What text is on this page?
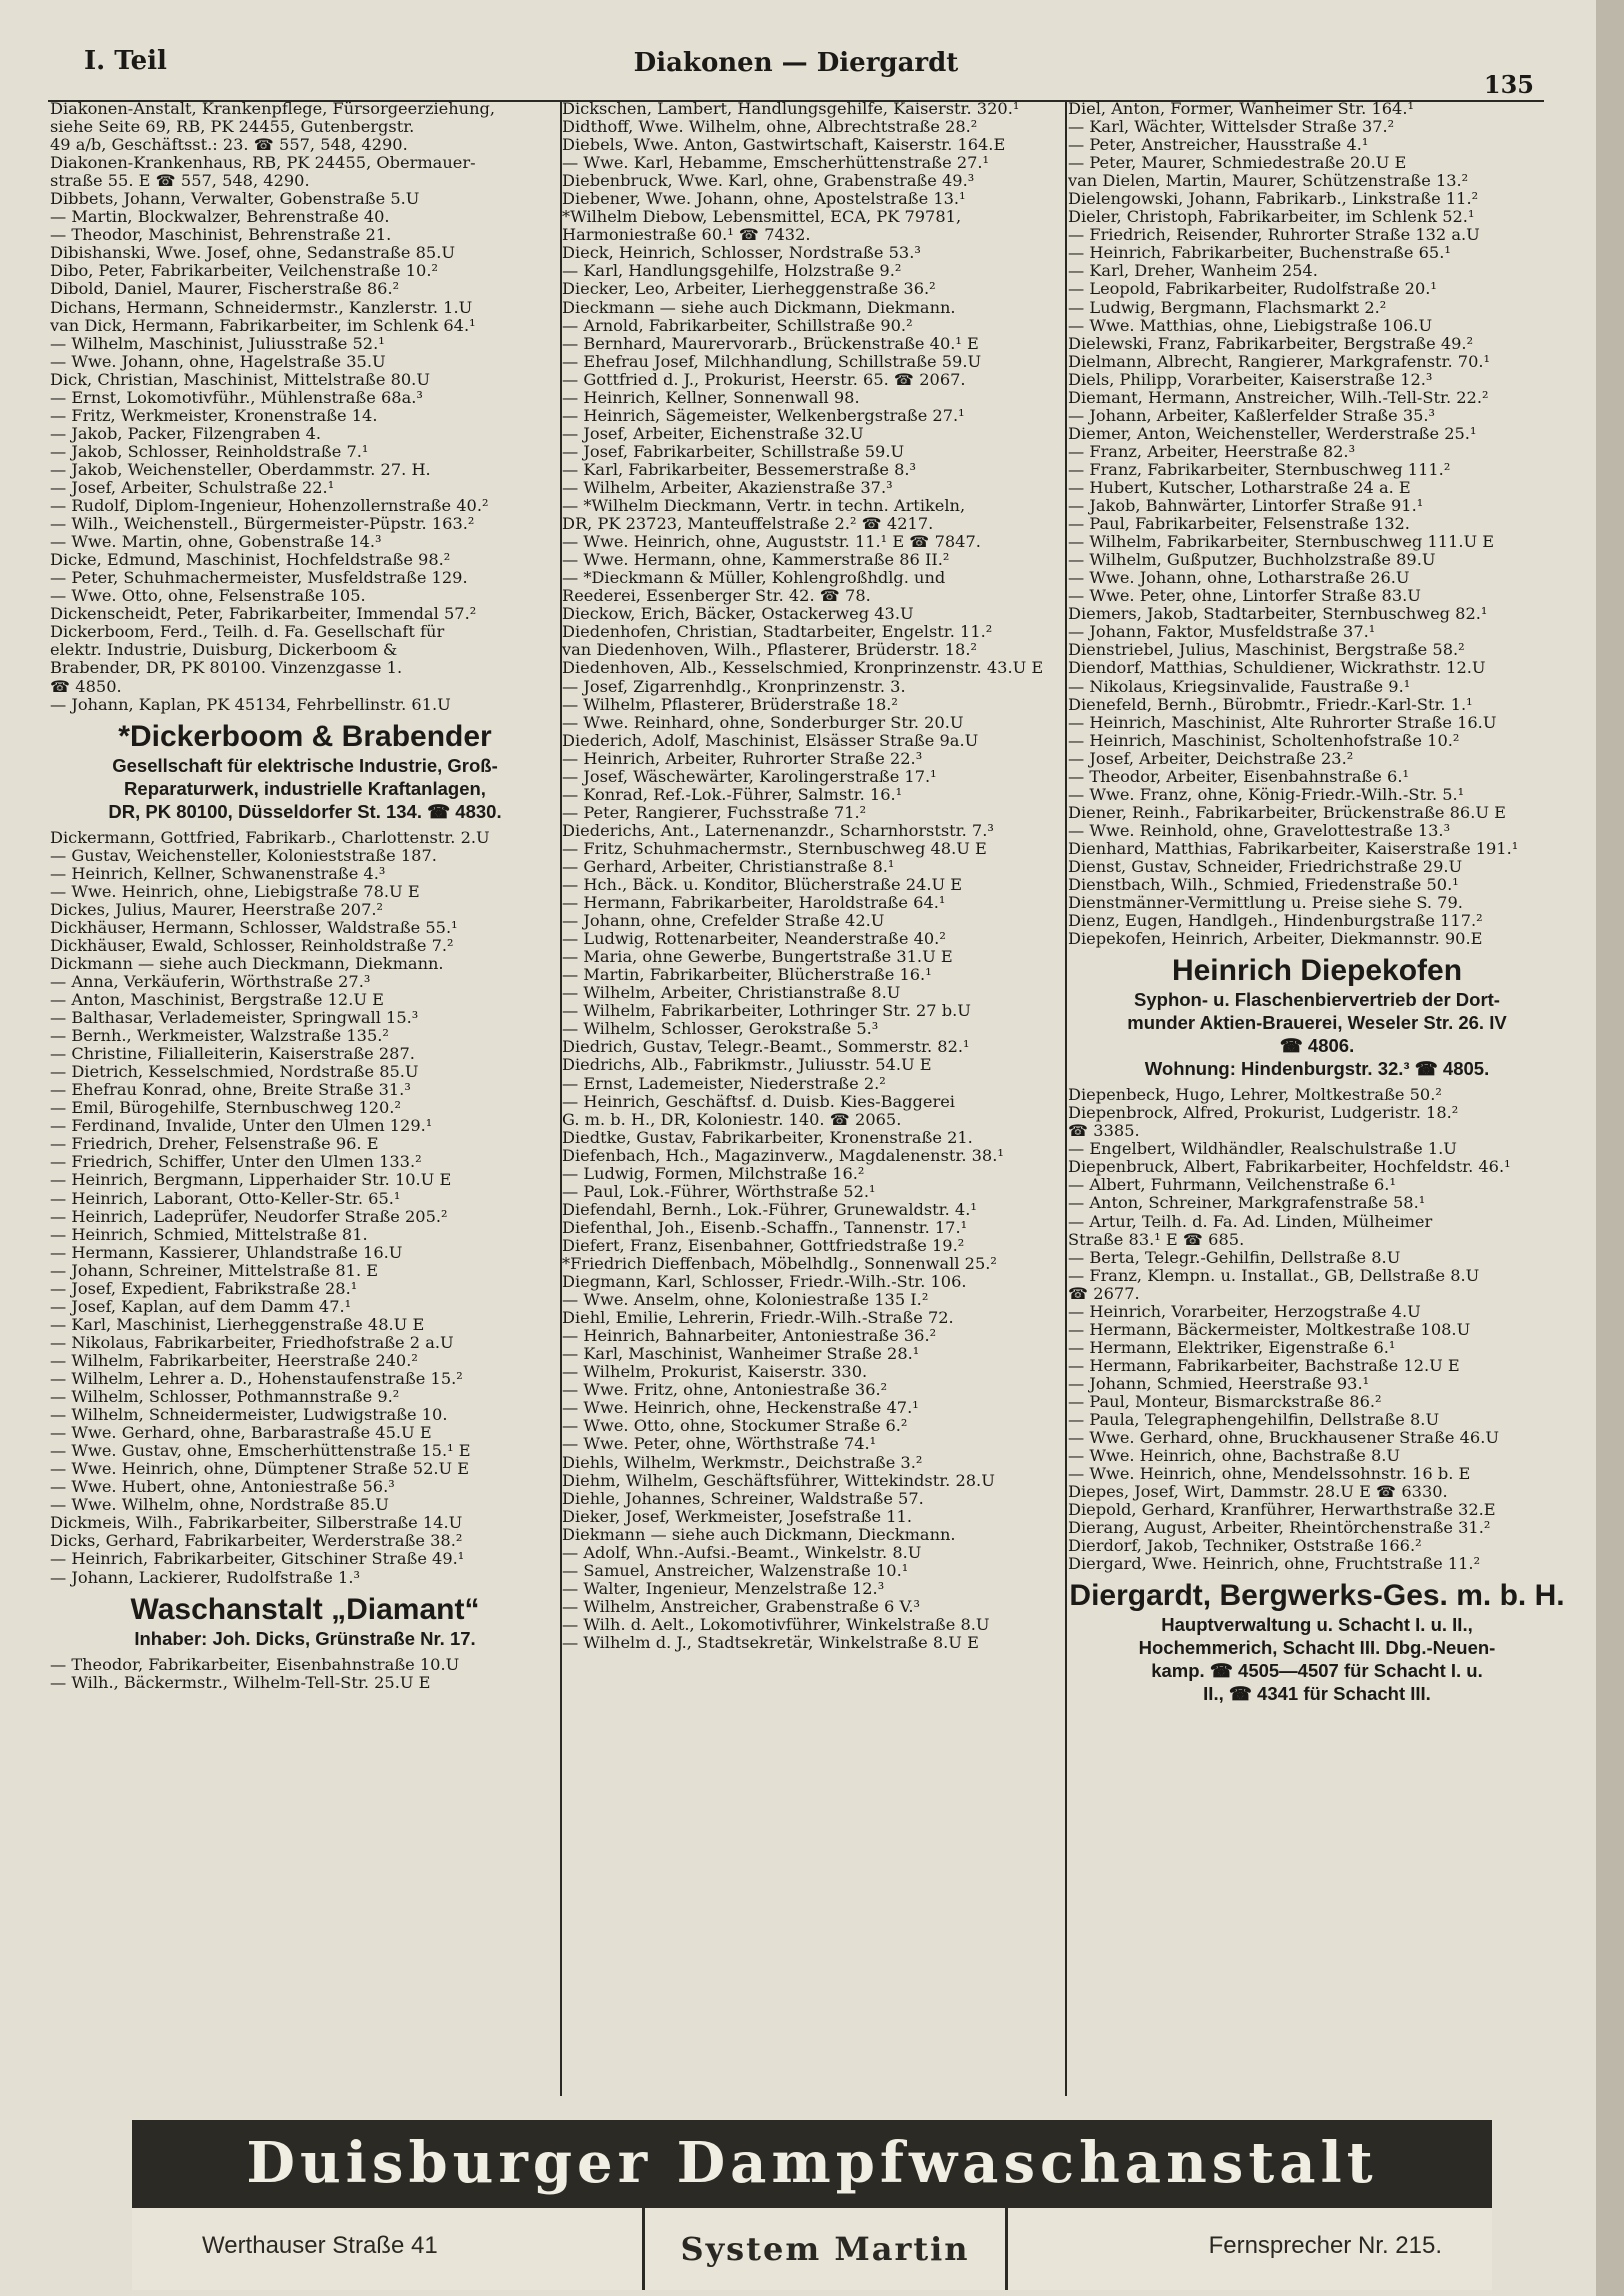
I. Teil	Diakonen — Diergardt
135
Diakonen-Anstalt, Krankenpflege, Fürsorgeerziehung,
siehe Seite 69, RB, PK 24455, Gutenbergstr.
49 a/b, Geschäftsst.: 23. ☎ 557, 548, 4290.
Diakonen-Krankenhaus, RB, PK 24455, Obermauer-
straße 55. E ☎ 557, 548, 4290.
Dibbets, Johann, Verwalter, Gobenstraße 5.U
— Martin, Blockwalzer, Behrenstraße 40.
— Theodor, Maschinist, Behrenstraße 21.
Dibishanski, Wwe. Josef, ohne, Sedanstraße 85.U
Dibo, Peter, Fabrikarbeiter, Veilchenstraße 10.²
Dibold, Daniel, Maurer, Fischerstraße 86.²
Dichans, Hermann, Schneidermstr., Kanzlerstr. 1.U
van Dick, Hermann, Fabrikarbeiter, im Schlenk 64.¹
— Wilhelm, Maschinist, Juliusstraße 52.¹
— Wwe. Johann, ohne, Hagelstraße 35.U
Dick, Christian, Maschinist, Mittelstraße 80.U
— Ernst, Lokomotivführ., Mühlenstraße 68a.³
— Fritz, Werkmeister, Kronenstraße 14.
— Jakob, Packer, Filzengraben 4.
— Jakob, Schlosser, Reinholdstraße 7.¹
— Jakob, Weichensteller, Oberdammstr. 27. H.
— Josef, Arbeiter, Schulstraße 22.¹
— Rudolf, Diplom-Ingenieur, Hohenzollernstraße 40.²
— Wilh., Weichenstell., Bürgermeister-Püpstr. 163.²
— Wwe. Martin, ohne, Gobenstraße 14.³
Dicke, Edmund, Maschinist, Hochfeldstraße 98.²
— Peter, Schuhmachermeister, Musfeldstraße 129.
— Wwe. Otto, ohne, Felsenstraße 105.
Dickenscheidt, Peter, Fabrikarbeiter, Immendal 57.²
Dickerboom, Ferd., Teilh. d. Fa. Gesellschaft für
elektr. Industrie, Duisburg, Dickerboom &
Brabender, DR, PK 80100. Vinzenzgasse 1.
☎ 4850.
— Johann, Kaplan, PK 45134, Fehrbellinstr. 61.U
*Dickerboom & Brabender
Gesellschaft für elektrische Industrie, Groß-
Reparaturwerk, industrielle Kraftanlagen,
DR, PK 80100, Düsseldorfer St. 134. ☎ 4830.
Dickermann, Gottfried, Fabrikarb., Charlottenstr. 2.U
— Gustav, Weichensteller, Kolonieststraße 187.
— Heinrich, Kellner, Schwanenstraße 4.³
— Wwe. Heinrich, ohne, Liebigstraße 78.U E
Dickes, Julius, Maurer, Heerstraße 207.²
Dickhäuser, Hermann, Schlosser, Waldstraße 55.¹
Dickhäuser, Ewald, Schlosser, Reinholdstraße 7.²
Dickmann — siehe auch Dieckmann, Diekmann.
— Anna, Verkäuferin, Wörthstraße 27.³
— Anton, Maschinist, Bergstraße 12.U E
— Balthasar, Verlademeister, Springwall 15.³
— Bernh., Werkmeister, Walzstraße 135.²
— Christine, Filialleiterin, Kaiserstraße 287.
— Dietrich, Kesselschmied, Nordstraße 85.U
— Ehefrau Konrad, ohne, Breite Straße 31.³
— Emil, Bürogehilfe, Sternbuschweg 120.²
— Ferdinand, Invalide, Unter den Ulmen 129.¹
— Friedrich, Dreher, Felsenstraße 96. E
— Friedrich, Schiffer, Unter den Ulmen 133.²
— Heinrich, Bergmann, Lipperhaider Str. 10.U E
— Heinrich, Laborant, Otto-Keller-Str. 65.¹
— Heinrich, Ladeprüfer, Neudorfer Straße 205.²
— Heinrich, Schmied, Mittelstraße 81.
— Hermann, Kassierer, Uhlandstraße 16.U
— Johann, Schreiner, Mittelstraße 81. E
— Josef, Expedient, Fabrikstraße 28.¹
— Josef, Kaplan, auf dem Damm 47.¹
— Karl, Maschinist, Lierheggenstraße 48.U E
— Nikolaus, Fabrikarbeiter, Friedhofstraße 2 a.U
— Wilhelm, Fabrikarbeiter, Heerstraße 240.²
— Wilhelm, Lehrer a. D., Hohenstaufenstraße 15.²
— Wilhelm, Schlosser, Pothmannstraße 9.²
— Wilhelm, Schneidermeister, Ludwigstraße 10.
— Wwe. Gerhard, ohne, Barbarastraße 45.U E
— Wwe. Gustav, ohne, Emscherhüttenstraße 15.¹ E
— Wwe. Heinrich, ohne, Dümptener Straße 52.U E
— Wwe. Hubert, ohne, Antoniestraße 56.³
— Wwe. Wilhelm, ohne, Nordstraße 85.U
Dickmeis, Wilh., Fabrikarbeiter, Silberstraße 14.U
Dicks, Gerhard, Fabrikarbeiter, Werderstraße 38.²
— Heinrich, Fabrikarbeiter, Gitschiner Straße 49.¹
— Johann, Lackierer, Rudolfstraße 1.³
Waschanstalt „Diamant“
Inhaber: Joh. Dicks, Grünstraße Nr. 17.
— Theodor, Fabrikarbeiter, Eisenbahnstraße 10.U
— Wilh., Bäckermstr., Wilhelm-Tell-Str. 25.U E
Dickschen, Lambert, Handlungsgehilfe, Kaiserstr. 320.¹
Didthoff, Wwe. Wilhelm, ohne, Albrechtstraße 28.²
Diebels, Wwe. Anton, Gastwirtschaft, Kaiserstr. 164.E
— Wwe. Karl, Hebamme, Emscherhüttenstraße 27.¹
Diebenbruck, Wwe. Karl, ohne, Grabenstraße 49.³
Diebener, Wwe. Johann, ohne, Apostelstraße 13.¹
*Wilhelm Diebow, Lebensmittel, ECA, PK 79781,
Harmoniestraße 60.¹ ☎ 7432.
Dieck, Heinrich, Schlosser, Nordstraße 53.³
— Karl, Handlungsgehilfe, Holzstraße 9.²
Diecker, Leo, Arbeiter, Lierheggenstraße 36.²
Dieckmann — siehe auch Dickmann, Diekmann.
— Arnold, Fabrikarbeiter, Schillstraße 90.²
— Bernhard, Maurervorarb., Brückenstraße 40.¹ E
— Ehefrau Josef, Milchhandlung, Schillstraße 59.U
— Gottfried d. J., Prokurist, Heerstr. 65. ☎ 2067.
— Heinrich, Kellner, Sonnenwall 98.
— Heinrich, Sägemeister, Welkenbergstraße 27.¹
— Josef, Arbeiter, Eichenstraße 32.U
— Josef, Fabrikarbeiter, Schillstraße 59.U
— Karl, Fabrikarbeiter, Bessemerstraße 8.³
— Wilhelm, Arbeiter, Akazienstraße 37.³
— *Wilhelm Dieckmann, Vertr. in techn. Artikeln,
DR, PK 23723, Manteuffelstraße 2.² ☎ 4217.
— Wwe. Heinrich, ohne, Auguststr. 11.¹ E ☎ 7847.
— Wwe. Hermann, ohne, Kammerstraße 86 II.²
— *Dieckmann & Müller, Kohlengroßhdlg. und
Reederei, Essenberger Str. 42. ☎ 78.
Dieckow, Erich, Bäcker, Ostackerweg 43.U
Diedenhofen, Christian, Stadtarbeiter, Engelstr. 11.²
van Diedenhoven, Wilh., Pflasterer, Brüderstr. 18.²
Diedenhoven, Alb., Kesselschmied, Kronprinzenstr. 43.U E
— Josef, Zigarrenhdlg., Kronprinzenstr. 3.
— Wilhelm, Pflasterer, Brüderstraße 18.²
— Wwe. Reinhard, ohne, Sonderburger Str. 20.U
Diederich, Adolf, Maschinist, Elsässer Straße 9a.U
— Heinrich, Arbeiter, Ruhrorter Straße 22.³
— Josef, Wäschewärter, Karolingerstraße 17.¹
— Konrad, Ref.-Lok.-Führer, Salmstr. 16.¹
— Peter, Rangierer, Fuchsstraße 71.²
Diederichs, Ant., Laternenanzdr., Scharnhorststr. 7.³
— Fritz, Schuhmachermstr., Sternbuschweg 48.U E
— Gerhard, Arbeiter, Christianstraße 8.¹
— Hch., Bäck. u. Konditor, Blücherstraße 24.U E
— Hermann, Fabrikarbeiter, Haroldstraße 64.¹
— Johann, ohne, Crefelder Straße 42.U
— Ludwig, Rottenarbeiter, Neanderstraße 40.²
— Maria, ohne Gewerbe, Bungertstraße 31.U E
— Martin, Fabrikarbeiter, Blücherstraße 16.¹
— Wilhelm, Arbeiter, Christianstraße 8.U
— Wilhelm, Fabrikarbeiter, Lothringer Str. 27 b.U
— Wilhelm, Schlosser, Gerokstraße 5.³
Diedrich, Gustav, Telegr.-Beamt., Sommerstr. 82.¹
Diedrichs, Alb., Fabrikmstr., Juliusstr. 54.U E
— Ernst, Lademeister, Niederstraße 2.²
— Heinrich, Geschäftsf. d. Duisb. Kies-Baggerei
G. m. b. H., DR, Koloniestr. 140. ☎ 2065.
Diedtke, Gustav, Fabrikarbeiter, Kronenstraße 21.
Diefenbach, Hch., Magazinverw., Magdalenenstr. 38.¹
— Ludwig, Formen, Milchstraße 16.²
— Paul, Lok.-Führer, Wörthstraße 52.¹
Diefendahl, Bernh., Lok.-Führer, Grunewaldstr. 4.¹
Diefenthal, Joh., Eisenb.-Schaffn., Tannenstr. 17.¹
Diefert, Franz, Eisenbahner, Gottfriedstraße 19.²
*Friedrich Dieffenbach, Möbelhdlg., Sonnenwall 25.²
Diegmann, Karl, Schlosser, Friedr.-Wilh.-Str. 106.
— Wwe. Anselm, ohne, Koloniestraße 135 I.²
Diehl, Emilie, Lehrerin, Friedr.-Wilh.-Straße 72.
— Heinrich, Bahnarbeiter, Antoniestraße 36.²
— Karl, Maschinist, Wanheimer Straße 28.¹
— Wilhelm, Prokurist, Kaiserstr. 330.
— Wwe. Fritz, ohne, Antoniestraße 36.²
— Wwe. Heinrich, ohne, Heckenstraße 47.¹
— Wwe. Otto, ohne, Stockumer Straße 6.²
— Wwe. Peter, ohne, Wörthstraße 74.¹
Diehls, Wilhelm, Werkmstr., Deichstraße 3.²
Diehm, Wilhelm, Geschäftsführer, Wittekindstr. 28.U
Diehle, Johannes, Schreiner, Waldstraße 57.
Dieker, Josef, Werkmeister, Josefstraße 11.
Diekmann — siehe auch Dickmann, Dieckmann.
— Adolf, Whn.-Aufsi.-Beamt., Winkelstr. 8.U
— Samuel, Anstreicher, Walzenstraße 10.¹
— Walter, Ingenieur, Menzelstraße 12.³
— Wilhelm, Anstreicher, Grabenstraße 6 V.³
— Wilh. d. Aelt., Lokomotivführer, Winkelstraße 8.U
— Wilhelm d. J., Stadtsekretär, Winkelstraße 8.U E
Diel, Anton, Former, Wanheimer Str. 164.¹
— Karl, Wächter, Wittelsder Straße 37.²
— Peter, Anstreicher, Hausstraße 4.¹
— Peter, Maurer, Schmiedestraße 20.U E
van Dielen, Martin, Maurer, Schützenstraße 13.²
Dielengowski, Johann, Fabrikarb., Linkstraße 11.²
Dieler, Christoph, Fabrikarbeiter, im Schlenk 52.¹
— Friedrich, Reisender, Ruhrorter Straße 132 a.U
— Heinrich, Fabrikarbeiter, Buchenstraße 65.¹
— Karl, Dreher, Wanheim 254.
— Leopold, Fabrikarbeiter, Rudolfstraße 20.¹
— Ludwig, Bergmann, Flachsmarkt 2.²
— Wwe. Matthias, ohne, Liebigstraße 106.U
Dielewski, Franz, Fabrikarbeiter, Bergstraße 49.²
Dielmann, Albrecht, Rangierer, Markgrafenstr. 70.¹
Diels, Philipp, Vorarbeiter, Kaiserstraße 12.³
Diemant, Hermann, Anstreicher, Wilh.-Tell-Str. 22.²
— Johann, Arbeiter, Kaßlerfelder Straße 35.³
Diemer, Anton, Weichensteller, Werderstraße 25.¹
— Franz, Arbeiter, Heerstraße 82.³
— Franz, Fabrikarbeiter, Sternbuschweg 111.²
— Hubert, Kutscher, Lotharstraße 24 a. E
— Jakob, Bahnwärter, Lintorfer Straße 91.¹
— Paul, Fabrikarbeiter, Felsenstraße 132.
— Wilhelm, Fabrikarbeiter, Sternbuschweg 111.U E
— Wilhelm, Gußputzer, Buchholzstraße 89.U
— Wwe. Johann, ohne, Lotharstraße 26.U
— Wwe. Peter, ohne, Lintorfer Straße 83.U
Diemers, Jakob, Stadtarbeiter, Sternbuschweg 82.¹
— Johann, Faktor, Musfeldstraße 37.¹
Dienstriebel, Julius, Maschinist, Bergstraße 58.²
Diendorf, Matthias, Schuldiener, Wickrathstr. 12.U
— Nikolaus, Kriegsinvalide, Faustraße 9.¹
Dienefeld, Bernh., Bürobmtr., Friedr.-Karl-Str. 1.¹
— Heinrich, Maschinist, Alte Ruhrorter Straße 16.U
— Heinrich, Maschinist, Scholtenhofstraße 10.²
— Josef, Arbeiter, Deichstraße 23.²
— Theodor, Arbeiter, Eisenbahnstraße 6.¹
— Wwe. Franz, ohne, König-Friedr.-Wilh.-Str. 5.¹
Diener, Reinh., Fabrikarbeiter, Brückenstraße 86.U E
— Wwe. Reinhold, ohne, Gravelottestraße 13.³
Dienhard, Matthias, Fabrikarbeiter, Kaiserstraße 191.¹
Dienst, Gustav, Schneider, Friedrichstraße 29.U
Dienstbach, Wilh., Schmied, Friedenstraße 50.¹
Dienstmänner-Vermittlung u. Preise siehe S. 79.
Dienz, Eugen, Handlgeh., Hindenburgstraße 117.²
Diepekofen, Heinrich, Arbeiter, Diekmannstr. 90.E
Heinrich Diepekofen
Syphon- u. Flaschenbiervertrieb der Dort-
munder Aktien-Brauerei, Weseler Str. 26. IV
☎ 4806.
Wohnung: Hindenburgstr. 32.³ ☎ 4805.
Diepenbeck, Hugo, Lehrer, Moltkestraße 50.²
Diepenbrock, Alfred, Prokurist, Ludgeristr. 18.²
☎ 3385.
— Engelbert, Wildhändler, Realschulstraße 1.U
Diepenbruck, Albert, Fabrikarbeiter, Hochfeldstr. 46.¹
— Albert, Fuhrmann, Veilchenstraße 6.¹
— Anton, Schreiner, Markgrafenstraße 58.¹
— Artur, Teilh. d. Fa. Ad. Linden, Mülheimer
Straße 83.¹ E ☎ 685.
— Berta, Telegr.-Gehilfin, Dellstraße 8.U
— Franz, Klempn. u. Installat., GB, Dellstraße 8.U
☎ 2677.
— Heinrich, Vorarbeiter, Herzogstraße 4.U
— Hermann, Bäckermeister, Moltkestraße 108.U
— Hermann, Elektriker, Eigenstraße 6.¹
— Hermann, Fabrikarbeiter, Bachstraße 12.U E
— Johann, Schmied, Heerstraße 93.¹
— Paul, Monteur, Bismarckstraße 86.²
— Paula, Telegraphengehilfin, Dellstraße 8.U
— Wwe. Gerhard, ohne, Bruckhausener Straße 46.U
— Wwe. Heinrich, ohne, Bachstraße 8.U
— Wwe. Heinrich, ohne, Mendelssohnstr. 16 b. E
Diepes, Josef, Wirt, Dammstr. 28.U E ☎ 6330.
Diepold, Gerhard, Kranführer, Herwarthstraße 32.E
Dierang, August, Arbeiter, Rheintörchenstraße 31.²
Dierdorf, Jakob, Techniker, Oststraße 166.²
Diergard, Wwe. Heinrich, ohne, Fruchtstraße 11.²
Diergardt, Bergwerks-Ges. m. b. H.
Hauptverwaltung u. Schacht I. u. II.,
Hochemmerich, Schacht III. Dbg.-Neuen-
kamp. ☎ 4505—4507 für Schacht I. u.
II., ☎ 4341 für Schacht III.
Duisburger Dampfwaschanstalt
Werthauser Straße 41	System Martin	Fernsprecher Nr. 215.
